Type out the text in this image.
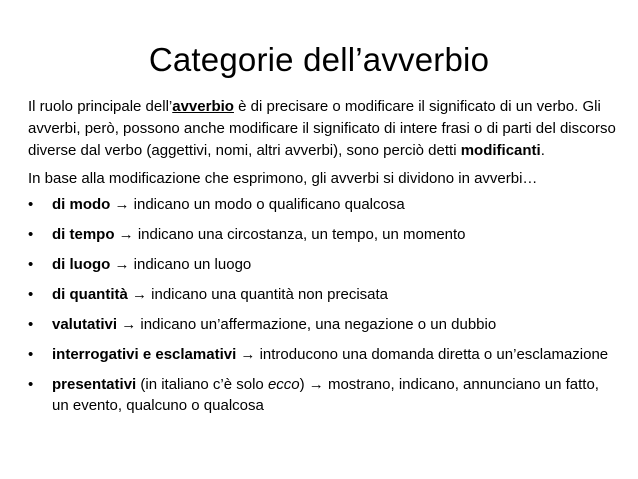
Categorie dell’avverbio

Il ruolo principale dell’avverbio è di precisare o modificare il significato di un verbo. Gli avverbi, però, possono anche modificare il significato di intere frasi o di parti del discorso diverse dal verbo (aggettivi, nomi, altri avverbi), sono perciò detti modificanti.

In base alla modificazione che esprimono, gli avverbi si dividono in avverbi…

• di modo → indicano un modo o qualificano qualcosa
• di tempo → indicano una circostanza, un tempo, un momento
• di luogo → indicano un luogo
• di quantità → indicano una quantità non precisata
• valutativi → indicano un’affermazione, una negazione o un dubbio
• interrogativi e esclamativi → introducono una domanda diretta o un’esclamazione
• presentativi (in italiano c’è solo ecco) → mostrano, indicano, annunciano un fatto, un evento, qualcuno o qualcosa
